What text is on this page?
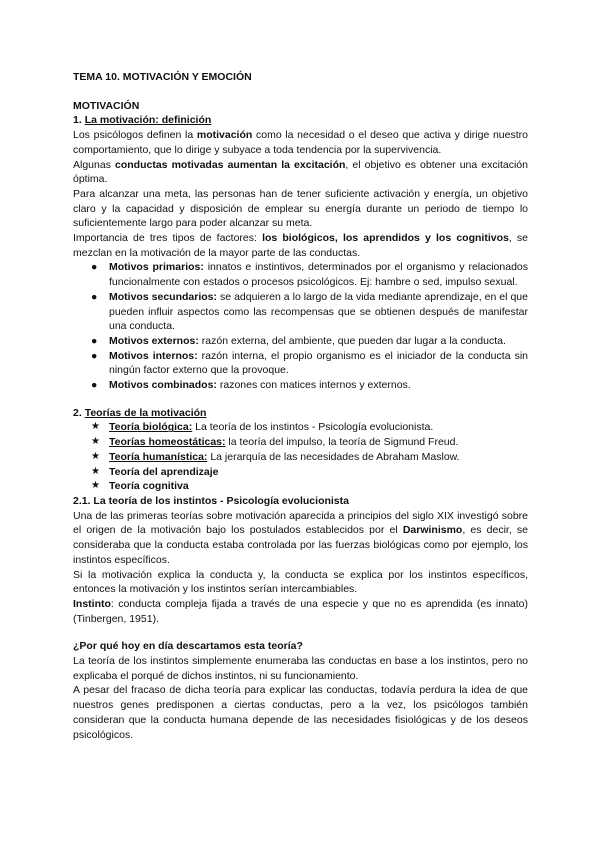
TEMA 10. MOTIVACIÓN Y EMOCIÓN

MOTIVACIÓN

1. La motivación: definición

Los psicólogos definen la motivación como la necesidad o el deseo que activa y dirige nuestro comportamiento, que lo dirige y subyace a toda tendencia por la supervivencia.

Algunas conductas motivadas aumentan la excitación, el objetivo es obtener una excitación óptima.

Para alcanzar una meta, las personas han de tener suficiente activación y energía, un objetivo claro y la capacidad y disposición de emplear su energía durante un periodo de tiempo lo suficientemente largo para poder alcanzar su meta.

Importancia de tres tipos de factores: los biológicos, los aprendidos y los cognitivos, se mezclan en la motivación de la mayor parte de las conductas.

●	Motivos primarios: innatos e instintivos, determinados por el organismo y relacionados funcionalmente con estados o procesos psicológicos. Ej: hambre o sed, impulso sexual.
●	Motivos secundarios: se adquieren a lo largo de la vida mediante aprendizaje, en el que pueden influir aspectos como las recompensas que se obtienen después de manifestar una conducta.
●	Motivos externos: razón externa, del ambiente, que pueden dar lugar a la conducta.
●	Motivos internos: razón interna, el propio organismo es el iniciador de la conducta sin ningún factor externo que la provoque.
●	Motivos combinados: razones con matices internos y externos.

2. Teorías de la motivación

★ Teoría biológica: La teoría de los instintos - Psicología evolucionista.
★ Teorías homeostáticas: la teoría del impulso, la teoría de Sigmund Freud.
★ Teoría humanística: La jerarquía de las necesidades de Abraham Maslow.
★ Teoría del aprendizaje
★ Teoría cognitiva

2.1. La teoría de los instintos - Psicología evolucionista

Una de las primeras teorías sobre motivación aparecida a principios del siglo XIX investigó sobre el origen de la motivación bajo los postulados establecidos por el Darwinismo, es decir, se consideraba que la conducta estaba controlada por las fuerzas biológicas como por ejemplo, los instintos específicos.

Si la motivación explica la conducta y, la conducta se explica por los instintos específicos, entonces la motivación y los instintos serían intercambiables.

Instinto: conducta compleja fijada a través de una especie y que no es aprendida (es innato) (Tinbergen, 1951).

¿Por qué hoy en día descartamos esta teoría?

La teoría de los instintos simplemente enumeraba las conductas en base a los instintos, pero no explicaba el porqué de dichos instintos, ni su funcionamiento.

A pesar del fracaso de dicha teoría para explicar las conductas, todavía perdura la idea de que nuestros genes predisponen a ciertas conductas, pero a la vez, los psicólogos también consideran que la conducta humana depende de las necesidades fisiológicas y de los deseos psicológicos.
